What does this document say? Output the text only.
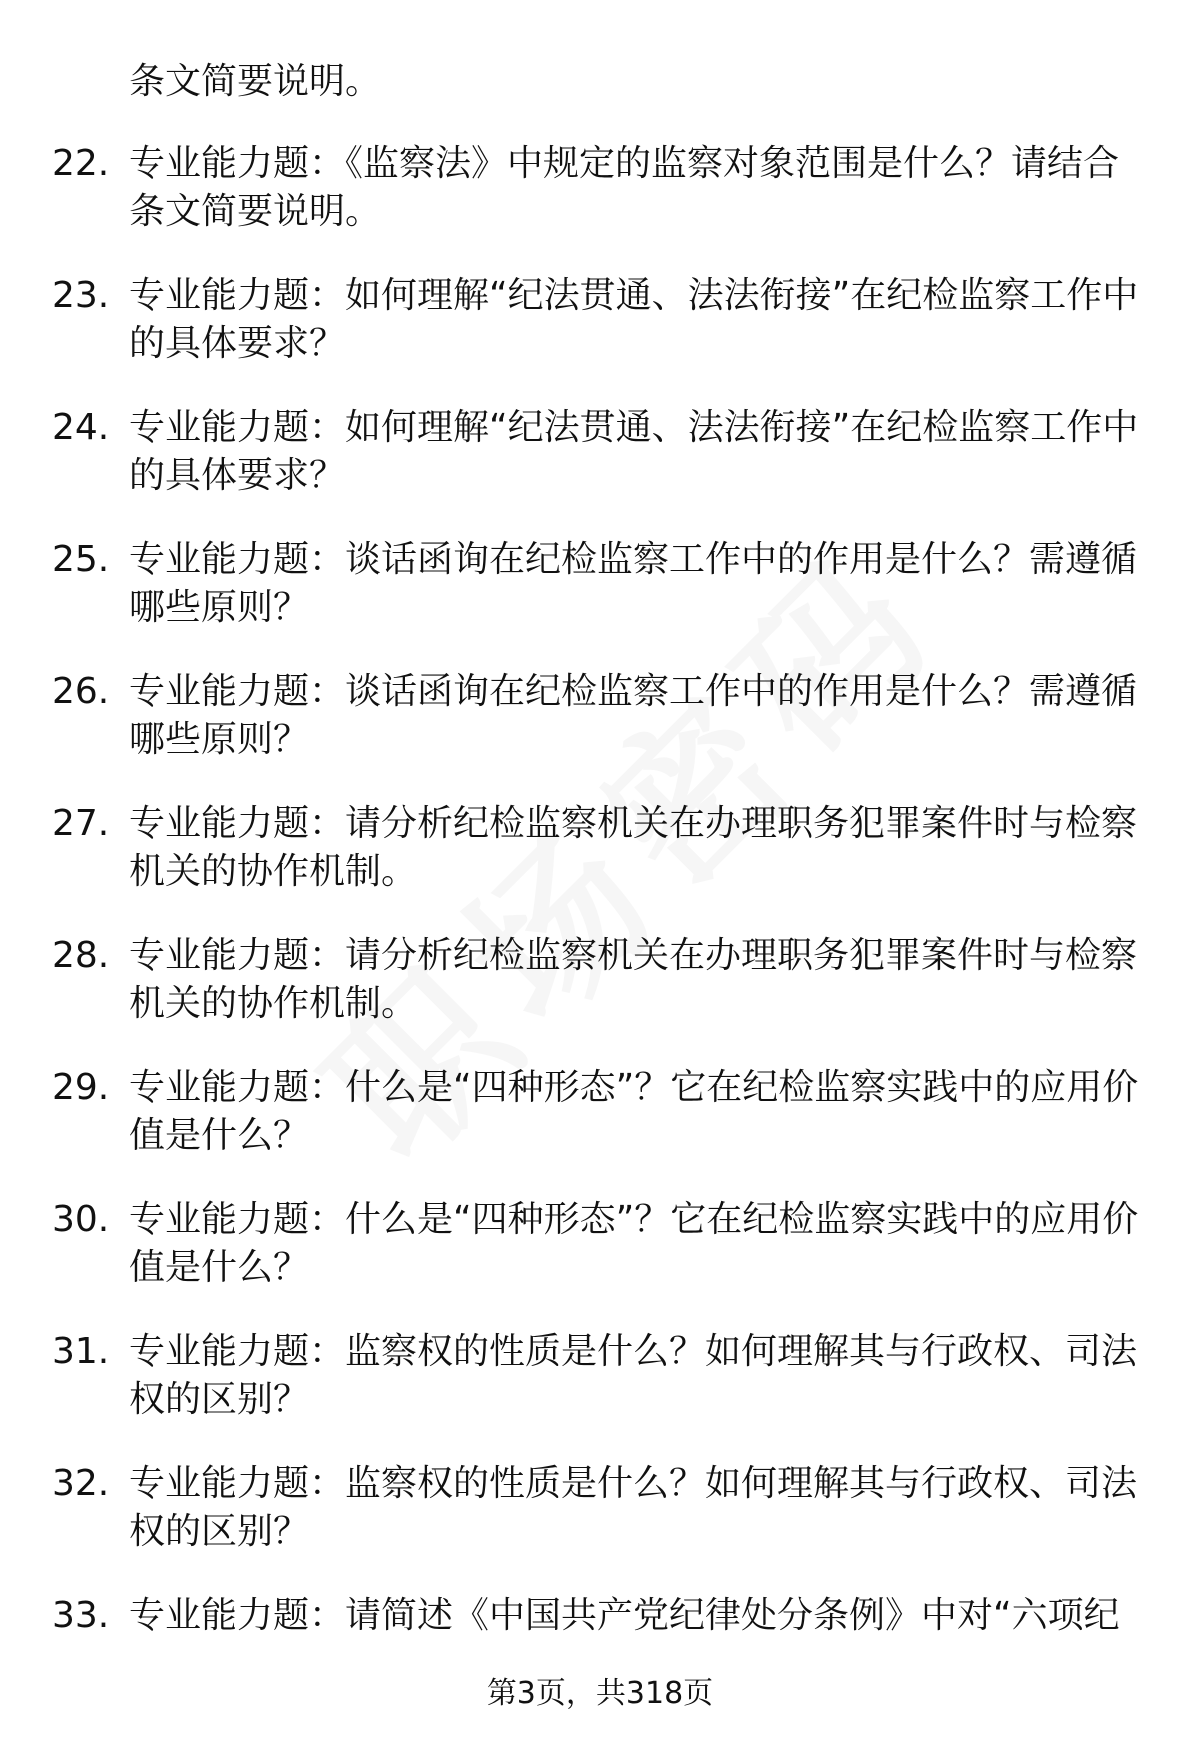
条文简要说明。
22. 专业能力题：《监察法》中规定的监察对象范围是什么？请结合条文简要说明。
23. 专业能力题：如何理解“纪法贯通、法法衔接”在纪检监察工作中的具体要求？
24. 专业能力题：如何理解“纪法贯通、法法衔接”在纪检监察工作中的具体要求？
25. 专业能力题：谈话函询在纪检监察工作中的作用是什么？需遵循哪些原则？
26. 专业能力题：谈话函询在纪检监察工作中的作用是什么？需遵循哪些原则？
27. 专业能力题：请分析纪检监察机关在办理职务犯罪案件时与检察机关的协作机制。
28. 专业能力题：请分析纪检监察机关在办理职务犯罪案件时与检察机关的协作机制。
29. 专业能力题：什么是“四种形态”？它在纪检监察实践中的应用价值是什么？
30. 专业能力题：什么是“四种形态”？它在纪检监察实践中的应用价值是什么？
31. 专业能力题：监察权的性质是什么？如何理解其与行政权、司法权的区别？
32. 专业能力题：监察权的性质是什么？如何理解其与行政权、司法权的区别？
33. 专业能力题：请简述《中国共产党纪律处分条例》中对“六项纪
第3页，共318页
